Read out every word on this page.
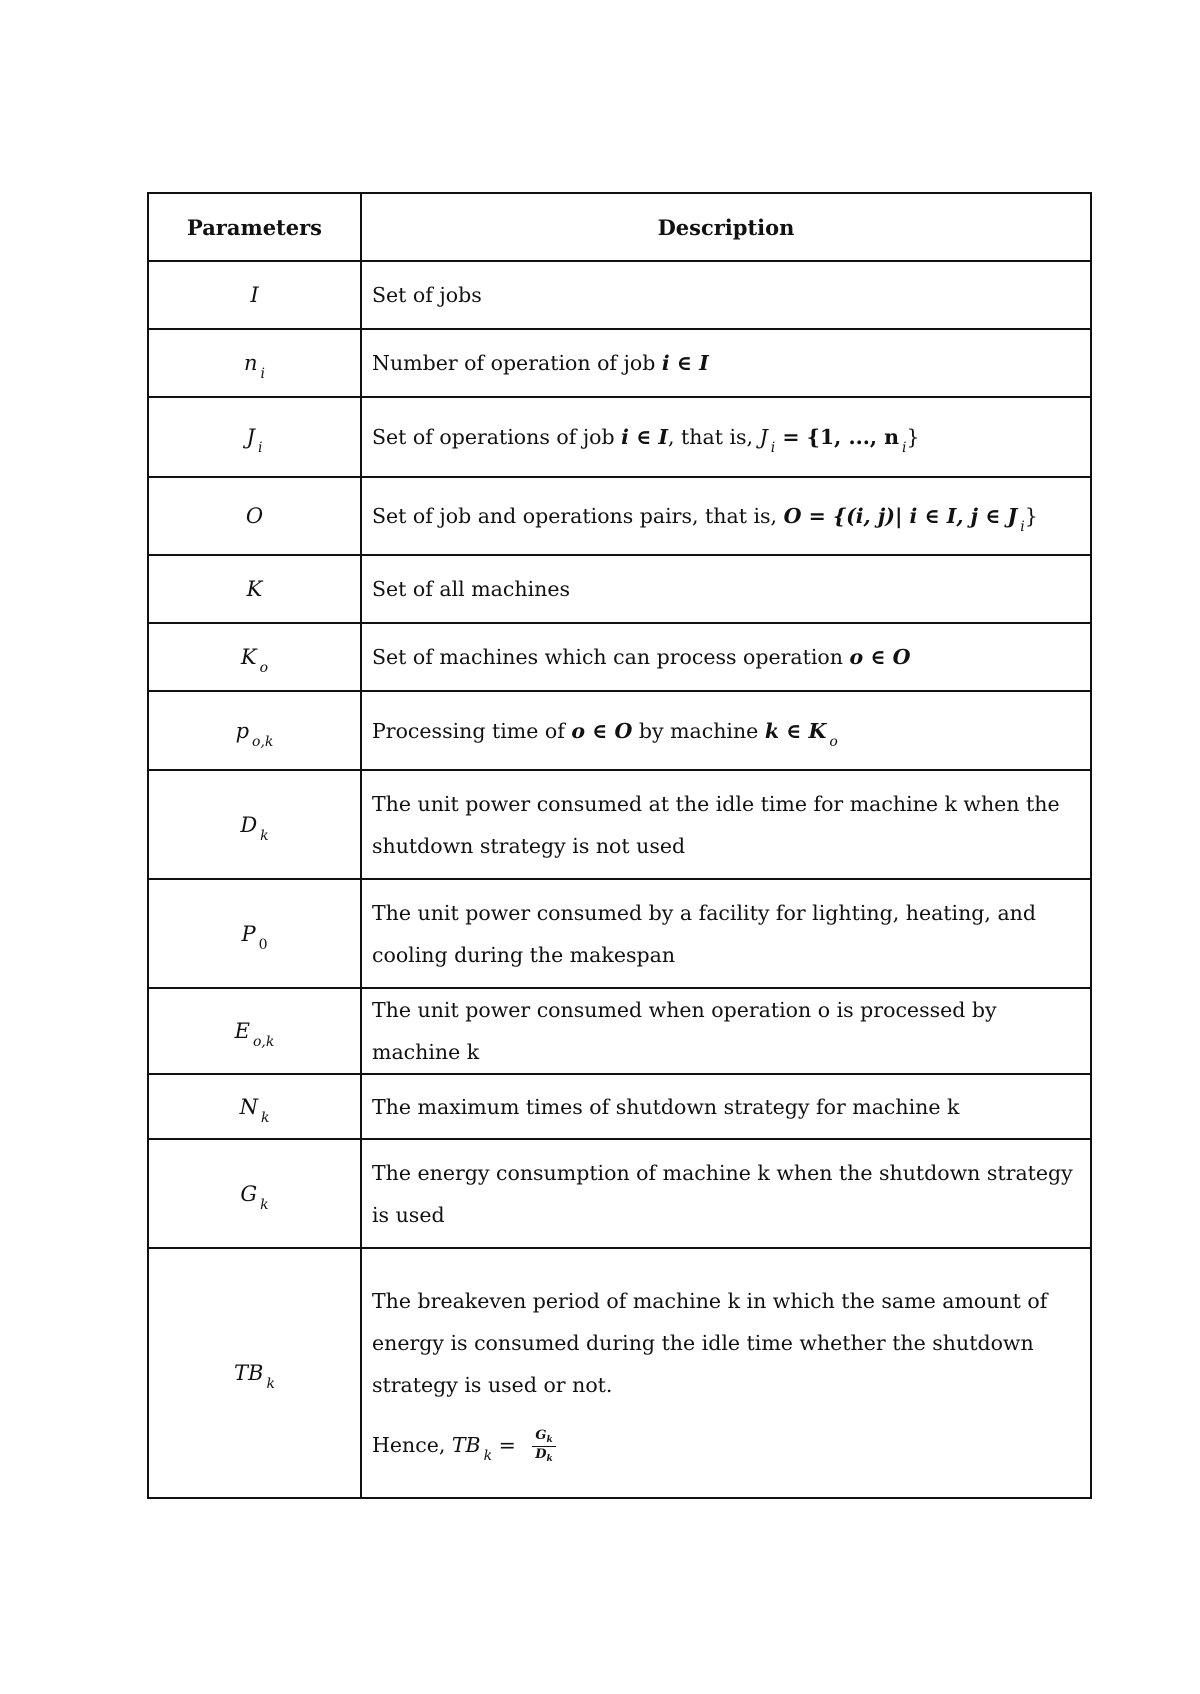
Parameters	Description
I	Set of jobs
n $_i$	Number of operation of job i ∈ I
J $_i$	Set of operations of job i ∈ I, that is, J $_i$ = {1, ..., n $_i$}
O	Set of job and operations pairs, that is, O = {(i, j)| i ∈ I, j ∈ J $_i$}
K	Set of all machines
K $_o$	Set of machines which can process operation o ∈ O
p $_{o,k}$	Processing time of o ∈ O by machine k ∈ K $_o$
D $_k$	The unit power consumed at the idle time for machine k when the shutdown strategy is not used
P $_0$	The unit power consumed by a facility for lighting, heating, and cooling during the makespan
E $_{o,k}$	The unit power consumed when operation o is processed by machine k
N $_k$	The maximum times of shutdown strategy for machine k
G $_k$	The energy consumption of machine k when the shutdown strategy is used
TB $_k$	The breakeven period of machine k in which the same amount of energy is consumed during the idle time whether the shutdown strategy is used or not.
Hence, TB $_k = \frac{G_k}{D_k}$
